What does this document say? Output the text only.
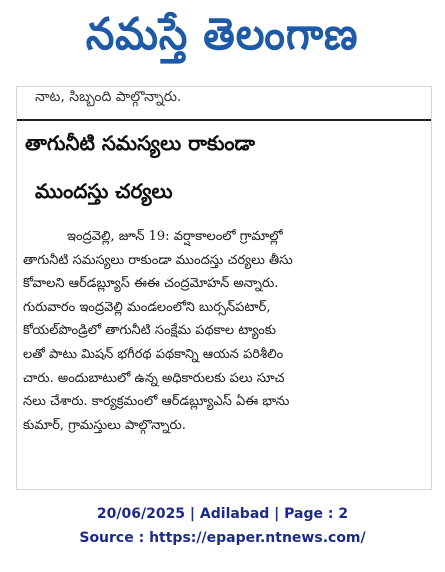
నమస్తే తెలంగాణ
నాట, సిబ్బంది పాల్గొన్నారు.
తాగునీటి సమస్యలు రాకుండా
ముందస్తు చర్యలు
ఇంద్రవెల్లి, జూన్ 19: వర్షాకాలంలో గ్రామాల్లో
తాగునీటి సమస్యలు రాకుండా ముందస్తు చర్యలు తీసు
కోవాలని ఆర్‌డబ్ల్యూస్ ఈఈ చంద్రమోహన్ అన్నారు.
గురువారం ఇంద్రవెల్లి మండలంలోని బుర్సన్‌పటార్,
కోయల్‌పొండ్రిలో తాగునీటి సంక్షేమ పథకాల ట్యాంకు
లతో పాటు మిషన్ భగీరథ పథకాన్ని ఆయన పరిశీలిం
చారు. అందుబాటులో ఉన్న అధికారులకు పలు సూచ
నలు చేశారు. కార్యక్రమంలో ఆర్‌డబ్ల్యూఎస్ ఏఈ భాను
కుమార్, గ్రామస్తులు పాల్గొన్నారు.
20/06/2025 | Adilabad | Page : 2
Source : https://epaper.ntnews.com/
